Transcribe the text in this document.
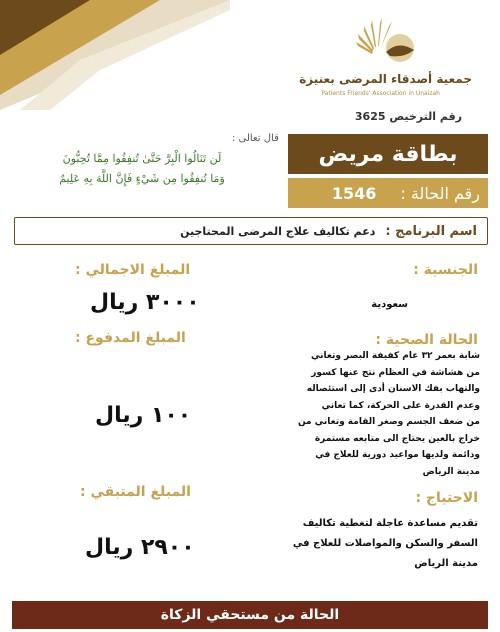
جمعية أصدقاء المرضى بعنيزة
Patients Friends' Association in Unaizah
رقم الترخيص 3625
قال تعالى :
لَن تَنَالُوا الْبِرَّ حَتَّىٰ تُنفِقُوا مِمَّا تُحِبُّونَ
وَمَا تُنفِقُوا مِن شَيْءٍ فَإِنَّ اللَّهَ بِهِ عَلِيمٌ
بطاقة مريض
رقم الحالة :
1546
اسم البرنامج :
دعم تكاليف علاج المرضى المحتاجين
الجنسية :
سعودية
الحالة الصحية :
شابة بعمر ٣٢ عام كفيفة البصر وتعاني
من هشاشة في العظام نتج عنها كسور
والتهاب بفك الاسنان أدى إلى استئصاله
وعدم القدرة على الحركة، كما تعاني
من ضعف الجسم وصغر القامة وتعاني من
خراج بالعين يحتاج الى متابعه مستمرة
ودائمة ولديها مواعيد دورية للعلاج في
مدينة الرياض
الاحتياج :
تقديم مساعدة عاجلة لتغطية تكاليف
السفر والسكن والمواصلات للعلاج في
مدينة الرياض
المبلغ الاجمالي :
٣٠٠٠ ريال
المبلغ المدفوع :
١٠٠ ريال
المبلغ المتبقي :
٢٩٠٠ ريال
الحالة من مستحقي الزكاة
